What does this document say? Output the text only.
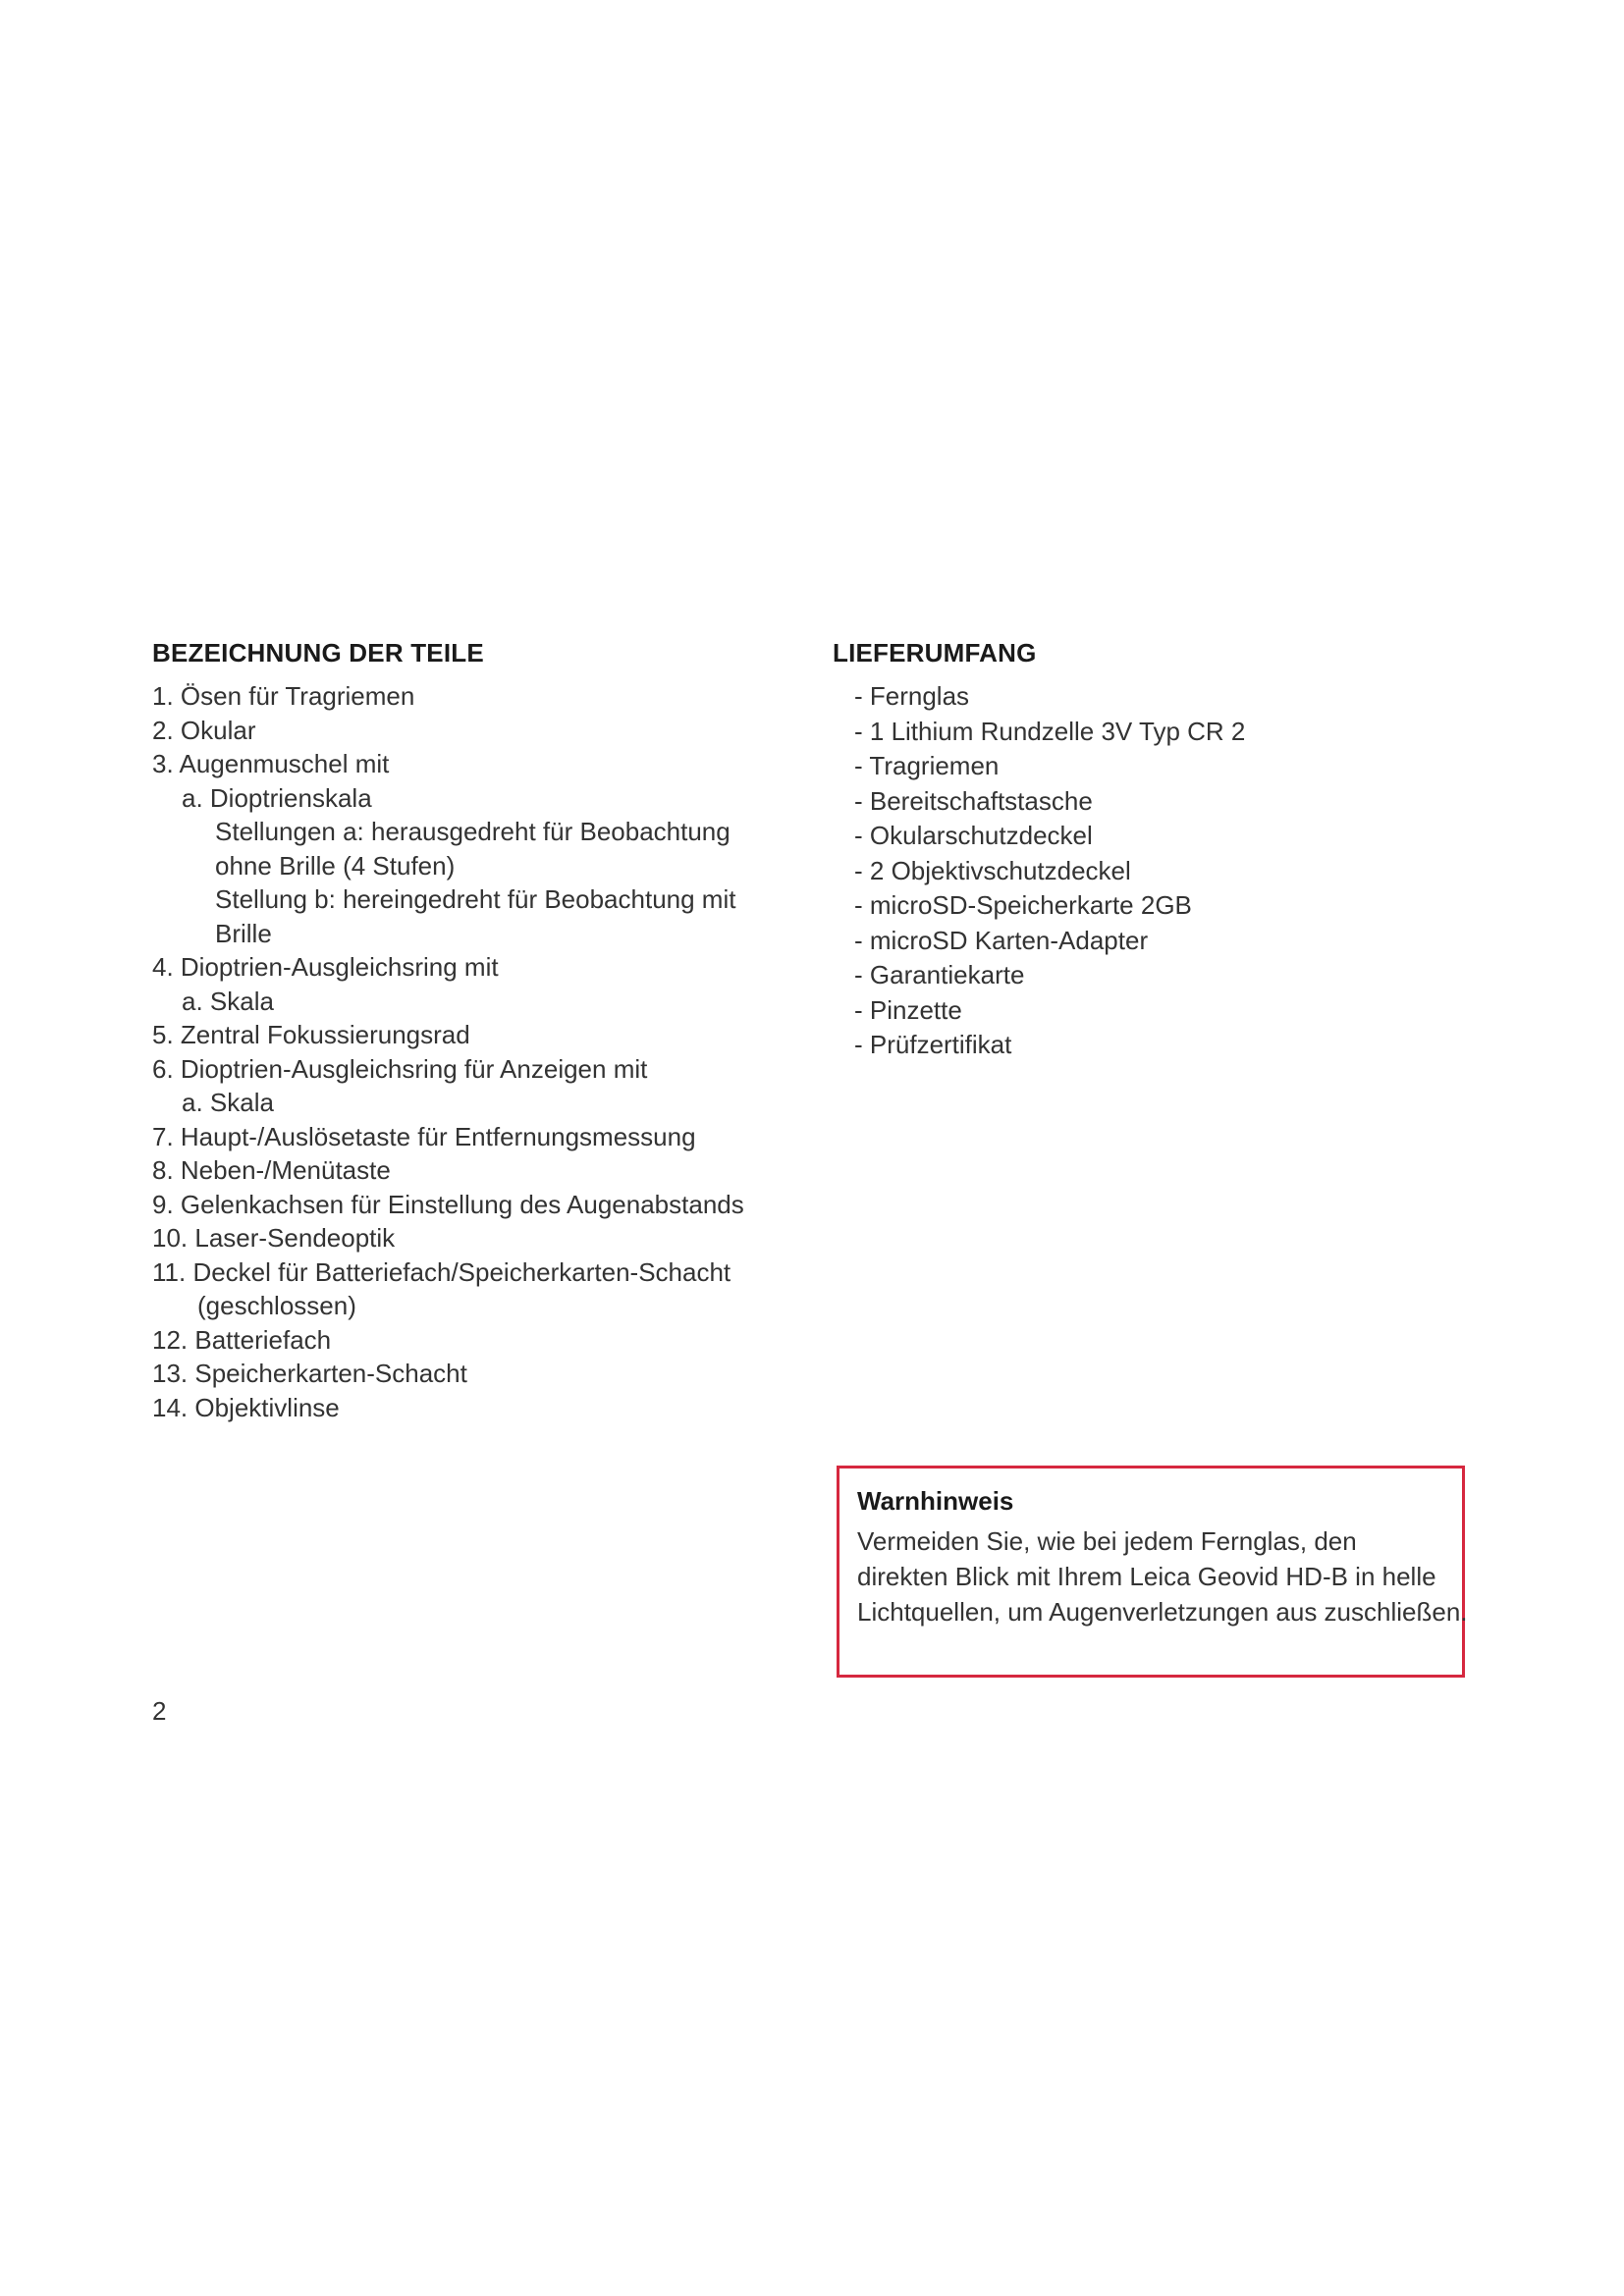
BEZEICHNUNG DER TEILE
1. Ösen für Tragriemen
2. Okular
3. Augenmuschel mit
a. Dioptrienskala
Stellungen a: herausgedreht für Beobachtung
ohne Brille (4 Stufen)
Stellung b: hereingedreht für Beobachtung mit
Brille
4. Dioptrien-Ausgleichsring mit
a. Skala
5. Zentral Fokussierungsrad
6. Dioptrien-Ausgleichsring für Anzeigen mit
a. Skala
7. Haupt-/Auslösetaste für Entfernungsmessung
8. Neben-/Menütaste
9. Gelenkachsen für Einstellung des Augenabstands
10. Laser-Sendeoptik
11. Deckel für Batteriefach/Speicherkarten-Schacht
(geschlossen)
12. Batteriefach
13. Speicherkarten-Schacht
14. Objektivlinse
LIEFERUMFANG
- Fernglas
- 1 Lithium Rundzelle 3V Typ CR 2
- Tragriemen
- Bereitschaftstasche
- Okularschutzdeckel
- 2 Objektivschutzdeckel
- microSD-Speicherkarte 2GB
- microSD Karten-Adapter
- Garantiekarte
- Pinzette
- Prüfzertifikat
Warnhinweis
Vermeiden Sie, wie bei jedem Fernglas, den
direkten Blick mit Ihrem Leica Geovid HD-B in helle
Lichtquellen, um Augenverletzungen aus zuschließen.
2
